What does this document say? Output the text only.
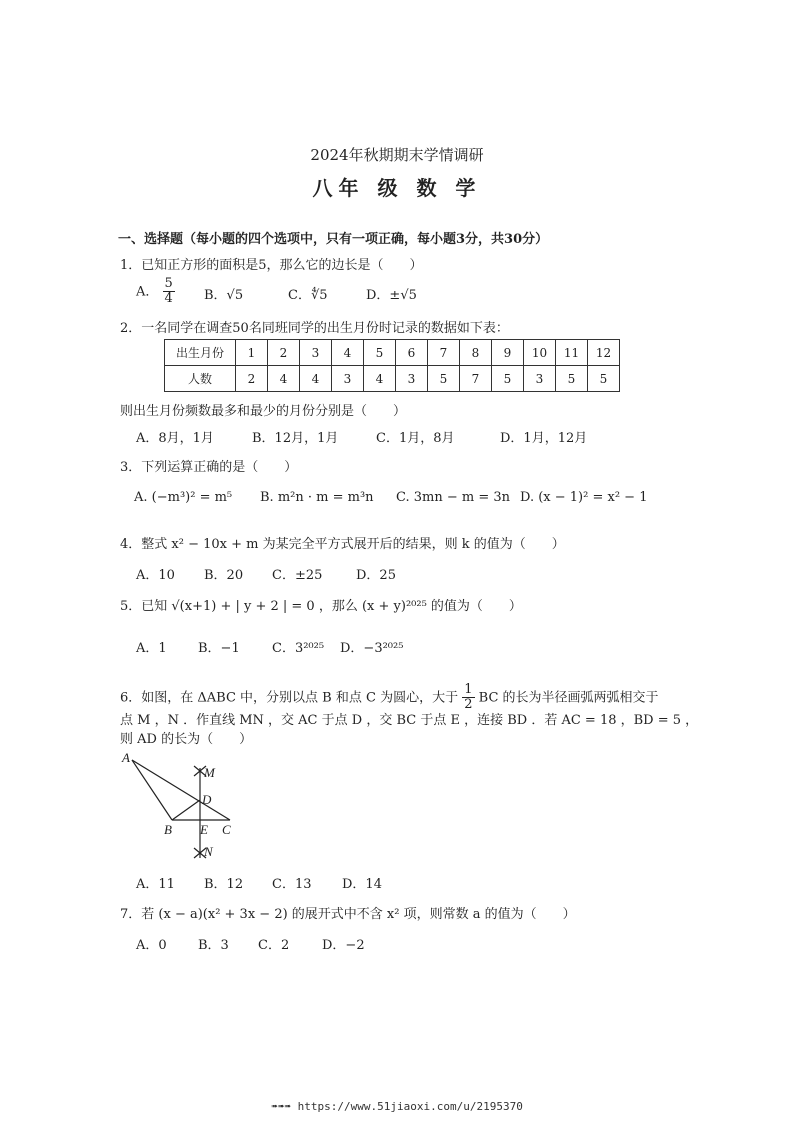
2024年秋期期末学情调研
八年 级 数 学
一、选择题（每小题的四个选项中，只有一项正确，每小题3分，共30分）
1．已知正方形的面积是5，那么它的边长是（　　）
A． $\frac{5}{4}$ B．√5	C．∜5	D．±√5
2．一名同学在调查50名同班同学的出生月份时记录的数据如下表：
出生月份	1	2	3	4	5	6	7	8	9	10	11	12
人数	2	4	4	3	4	3	5	7	5	3	5	5
则出生月份频数最多和最少的月份分别是（　　）
A．8月，1月	B．12月，1月	C．1月，8月	D．1月，12月
3．下列运算正确的是（　　）
A. (−m³)² = m⁵ B. m²n · m = m³n C. 3mn − m = 3n D. (x − 1)² = x² − 1
4．整式 x² − 10x + m 为某完全平方式展开后的结果，则 k 的值为（　　）
A．10 B．20 C．±25	D．25
5．已知 √(x+1) + | y + 2 | = 0 ，那么 (x + y)²⁰²⁵ 的值为（　　）
A．1 B．−1 C．3²⁰²⁵ D．−3²⁰²⁵
6．如图，在 ΔABC 中，分别以点 B 和点 C 为圆心，大于 $\frac{1}{2}$ BC 的长为半径画弧两弧相交于
点 M ，N ．作直线 MN ，交 AC 于点 D ，交 BC 于点 E ，连接 BD ．若 AC = 18 ，BD = 5 ，
则 AD 的长为（　　）
A
M
D
B E C
N
A．11 B．12 C．13 D．14
7．若 (x − a)(x² + 3x − 2) 的展开式中不含 x² 项，则常数 a 的值为（　　）
A．0 B．3 C．2	D．−2
➠➠➠ https://www.51jiaoxi.com/u/2195370
